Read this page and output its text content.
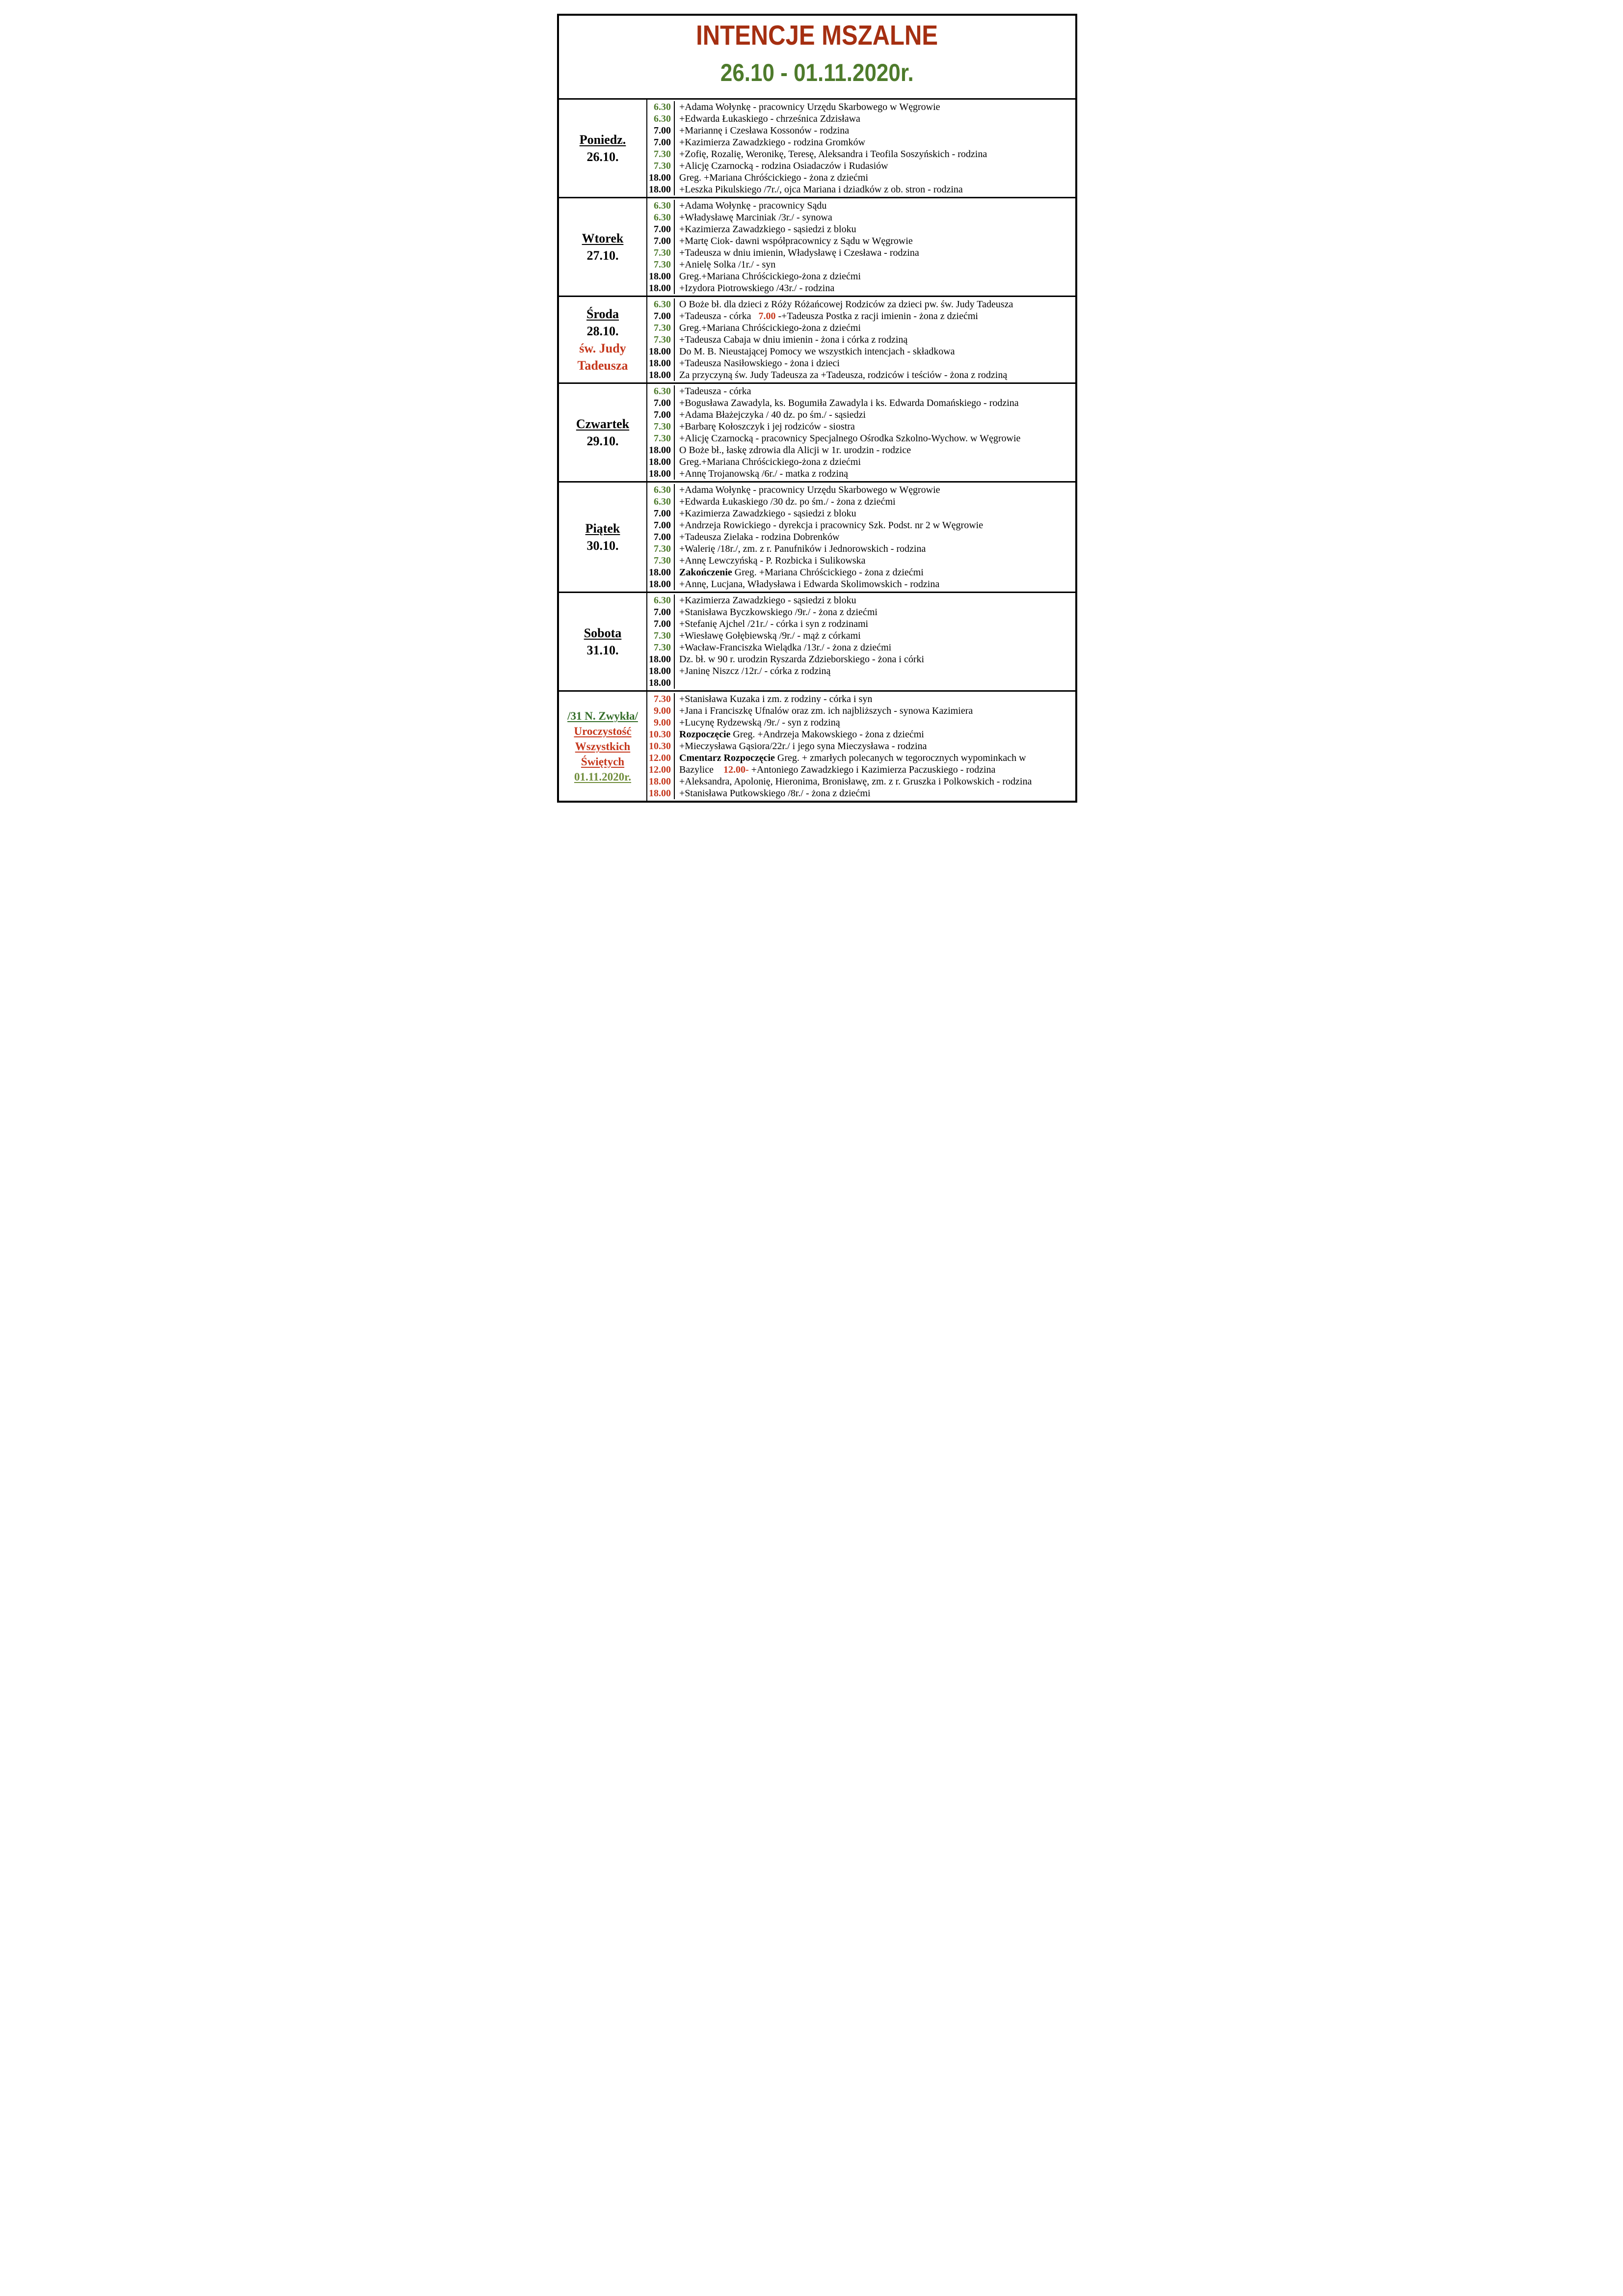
INTENCJE MSZALNE
26.10 - 01.11.2020r.
Poniedz.
26.10.
6.30 +Adama Wołynkę - pracownicy Urzędu Skarbowego w Węgrowie
6.30 +Edwarda Łukaskiego - chrześnica Zdzisława
7.00 +Mariannę i Czesława Kossonów - rodzina
7.00 +Kazimierza Zawadzkiego - rodzina Gromków
7.30 +Zofię, Rozalię, Weronikę, Teresę, Aleksandra i Teofila Soszyńskich - rodzina
7.30 +Alicję Czarnocką - rodzina Osiadaczów i Rudasiów
18.00 Greg. +Mariana Chróścickiego - żona z dziećmi
18.00 +Leszka Pikulskiego /7r./, ojca Mariana i dziadków z ob. stron - rodzina
Wtorek
27.10.
6.30 +Adama Wołynkę - pracownicy Sądu
6.30 +Władysławę Marciniak /3r./ - synowa
7.00 +Kazimierza Zawadzkiego - sąsiedzi z bloku
7.00 +Martę Ciok- dawni współpracownicy z Sądu w Węgrowie
7.30 +Tadeusza w dniu imienin, Władysławę i Czesława - rodzina
7.30 +Anielę Solka /1r./ - syn
18.00 Greg.+Mariana Chróścickiego-żona z dziećmi
18.00 +Izydora Piotrowskiego /43r./ - rodzina
Środa
28.10.
św. Judy
Tadeusza
6.30 O Boże bł. dla dzieci z Róży Różańcowej Rodziców za dzieci pw. św. Judy Tadeusza
7.00 +Tadeusza - córka   7.00 -+Tadeusza Postka z racji imienin - żona z dziećmi
7.30 Greg.+Mariana Chróścickiego-żona z dziećmi
7.30 +Tadeusza Cabaja w dniu imienin - żona i córka z rodziną
18.00 Do M. B. Nieustającej Pomocy we wszystkich intencjach - składkowa
18.00 +Tadeusza Nasiłowskiego - żona i dzieci
18.00 Za przyczyną św. Judy Tadeusza za +Tadeusza, rodziców i teściów - żona z rodziną
Czwartek
29.10.
6.30 +Tadeusza - córka
7.00 +Bogusława Zawadyla, ks. Bogumiła Zawadyla i ks. Edwarda Domańskiego - rodzina
7.00 +Adama Błażejczyka / 40 dz. po śm./ - sąsiedzi
7.30 +Barbarę Kołoszczyk i jej rodziców - siostra
7.30 +Alicję Czarnocką - pracownicy Specjalnego Ośrodka Szkolno-Wychow. w Węgrowie
18.00 O Boże bł., łaskę zdrowia dla Alicji w 1r. urodzin - rodzice
18.00 Greg.+Mariana Chróścickiego-żona z dziećmi
18.00 +Annę Trojanowską /6r./ - matka z rodziną
Piątek
30.10.
6.30 +Adama Wołynkę - pracownicy Urzędu Skarbowego w Węgrowie
6.30 +Edwarda Łukaskiego /30 dz. po śm./ - żona z dziećmi
7.00 +Kazimierza Zawadzkiego - sąsiedzi z bloku
7.00 +Andrzeja Rowickiego - dyrekcja i pracownicy Szk. Podst. nr 2 w Węgrowie
7.00 +Tadeusza Zielaka - rodzina Dobrenków
7.30 +Walerię /18r./, zm. z r. Panufników i Jednorowskich - rodzina
7.30 +Annę Lewczyńską - P. Rozbicka i Sulikowska
18.00 Zakończenie Greg. +Mariana Chróścickiego - żona z dziećmi
18.00 +Annę, Lucjana, Władysława i Edwarda Skolimowskich - rodzina
Sobota
31.10.
6.30 +Kazimierza Zawadzkiego - sąsiedzi z bloku
7.00 +Stanisława Byczkowskiego /9r./ - żona z dziećmi
7.00 +Stefanię Ajchel /21r./ - córka i syn z rodzinami
7.30 +Wiesławę Gołębiewską /9r./ - mąż z córkami
7.30 +Wacław-Franciszka Wielądka /13r./ - żona z dziećmi
18.00 Dz. bł. w 90 r. urodzin Ryszarda Zdzieborskiego - żona i córki
18.00 +Janinę Niszcz /12r./ - córka z rodziną
18.00
/31 N. Zwykła/
Uroczystość
Wszystkich
Świętych
01.11.2020r.
7.30 +Stanisława Kuzaka i zm. z rodziny - córka i syn
9.00 +Jana i Franciszkę Ufnalów oraz zm. ich najbliższych - synowa Kazimiera
9.00 +Lucynę Rydzewską /9r./ - syn z rodziną
10.30 Rozpoczęcie Greg. +Andrzeja Makowskiego - żona z dziećmi
10.30 +Mieczysława Gąsiora/22r./ i jego syna Mieczysława - rodzina
12.00 Cmentarz Rozpoczęcie Greg. + zmarłych polecanych w tegorocznych wypominkach w
12.00 Bazylice    12.00- +Antoniego Zawadzkiego i Kazimierza Paczuskiego - rodzina
18.00 +Aleksandra, Apolonię, Hieronima, Bronisławę, zm. z r. Gruszka i Polkowskich - rodzina
18.00 +Stanisława Putkowskiego /8r./ - żona z dziećmi
